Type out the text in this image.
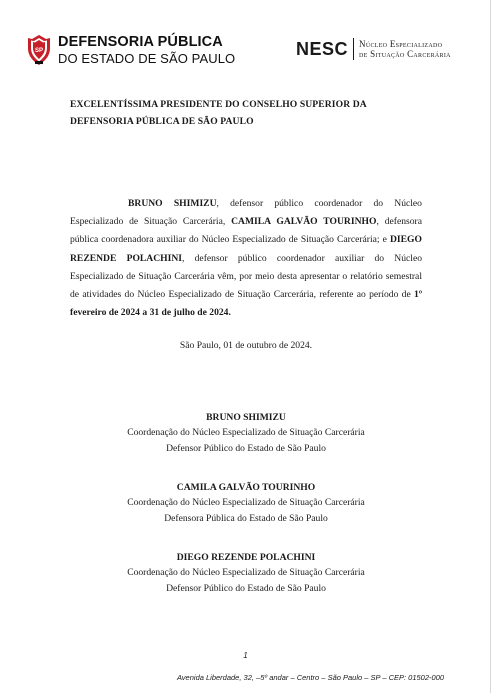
SP
DEFENSORIA PÚBLICA
DO ESTADO DE SÃO PAULO	NESC Núcleo Especializado
de Situação Carcerária
EXCELENTÍSSIMA PRESIDENTE DO CONSELHO SUPERIOR DA DEFENSORIA PÚBLICA DE SÃO PAULO

BRUNO SHIMIZU, defensor público coordenador do Núcleo Especializado de Situação Carcerária, CAMILA GALVÃO TOURINHO, defensora pública coordenadora auxiliar do Núcleo Especializado de Situação Carcerária; e DIEGO REZENDE POLACHINI, defensor público coordenador auxiliar do Núcleo Especializado de Situação Carcerária vêm, por meio desta apresentar o relatório semestral de atividades do Núcleo Especializado de Situação Carcerária, referente ao período de 1º fevereiro de 2024 a 31 de julho de 2024.

São Paulo, 01 de outubro de 2024.
BRUNO SHIMIZU
Coordenação do Núcleo Especializado de Situação Carcerária
Defensor Público do Estado de São Paulo
CAMILA GALVÃO TOURINHO
Coordenação do Núcleo Especializado de Situação Carcerária
Defensora Pública do Estado de São Paulo
DIEGO REZENDE POLACHINI
Coordenação do Núcleo Especializado de Situação Carcerária
Defensor Público do Estado de São Paulo
1
Avenida Liberdade, 32, –5º andar – Centro – São Paulo – SP – CEP: 01502-000
